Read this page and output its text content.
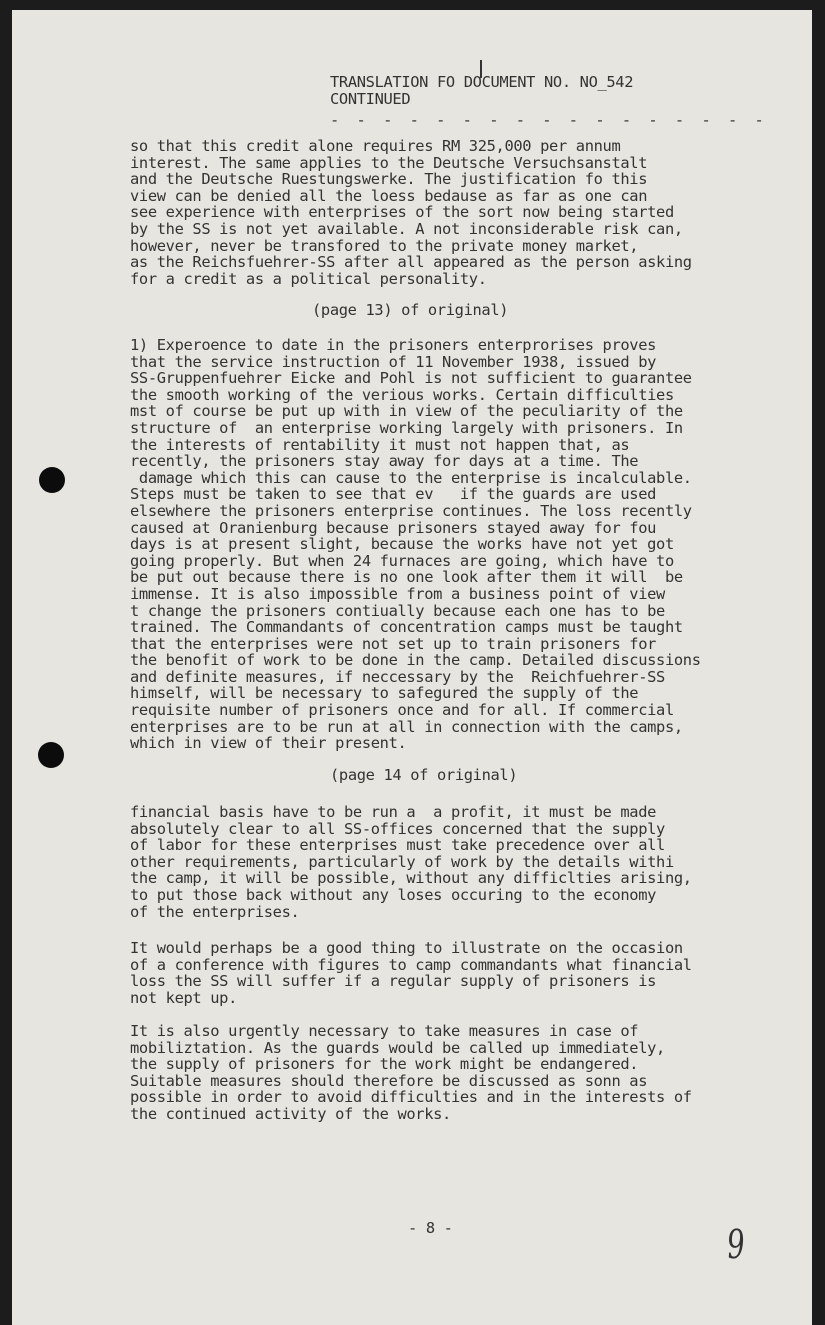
TRANSLATION FO DOCUMENT NO. NO_542
CONTINUED
- - - - - - - - - - - - - - - - -
so that this credit alone requires RM 325,000 per annum
interest. The same applies to the Deutsche Versuchsanstalt
and the Deutsche Ruestungswerke. The justification fo this
view can be denied all the loess bedause as far as one can
see experience with enterprises of the sort now being started
by the SS is not yet available. A not inconsiderable risk can,
however, never be transfored to the private money market,
as the Reichsfuehrer-SS after all appeared as the person asking
for a credit as a political personality.
(page 13) of original)
1) Experoence to date in the prisoners enterprorises proves
that the service instruction of 11 November 1938, issued by
SS-Gruppenfuehrer Eicke and Pohl is not sufficient to guarantee
the smooth working of the verious works. Certain difficulties
mst of course be put up with in view of the peculiarity of the
structure of  an enterprise working largely with prisoners. In
the interests of rentability it must not happen that, as
recently, the prisoners stay away for days at a time. The
damage which this can cause to the enterprise is incalculable.
Steps must be taken to see that ev   if the guards are used
elsewhere the prisoners enterprise continues. The loss recently
caused at Oranienburg because prisoners stayed away for fou
days is at present slight, because the works have not yet got
going properly. But when 24 furnaces are going, which have to
be put out because there is no one look after them it will  be
immense. It is also impossible from a business point of view
t change the prisoners contiually because each one has to be
trained. The Commandants of concentration camps must be taught
that the enterprises were not set up to train prisoners for
the benofit of work to be done in the camp. Detailed discussions
and definite measures, if neccessary by the  Reichfuehrer-SS
himself, will be necessary to safegured the supply of the
requisite number of prisoners once and for all. If commercial
enterprises are to be run at all in connection with the camps,
which in view of their present.
(page 14 of original)
financial basis have to be run a  a profit, it must be made
absolutely clear to all SS-offices concerned that the supply
of labor for these enterprises must take precedence over all
other requirements, particularly of work by the details withi
the camp, it will be possible, without any difficlties arising,
to put those back without any loses occuring to the economy
of the enterprises.
It would perhaps be a good thing to illustrate on the occasion
of a conference with figures to camp commandants what financial
loss the SS will suffer if a regular supply of prisoners is
not kept up.
It is also urgently necessary to take measures in case of
mobiliztation. As the guards would be called up immediately,
the supply of prisoners for the work might be endangered.
Suitable measures should therefore be discussed as sonn as
possible in order to avoid difficulties and in the interests of
the continued activity of the works.
- 8 -	9
